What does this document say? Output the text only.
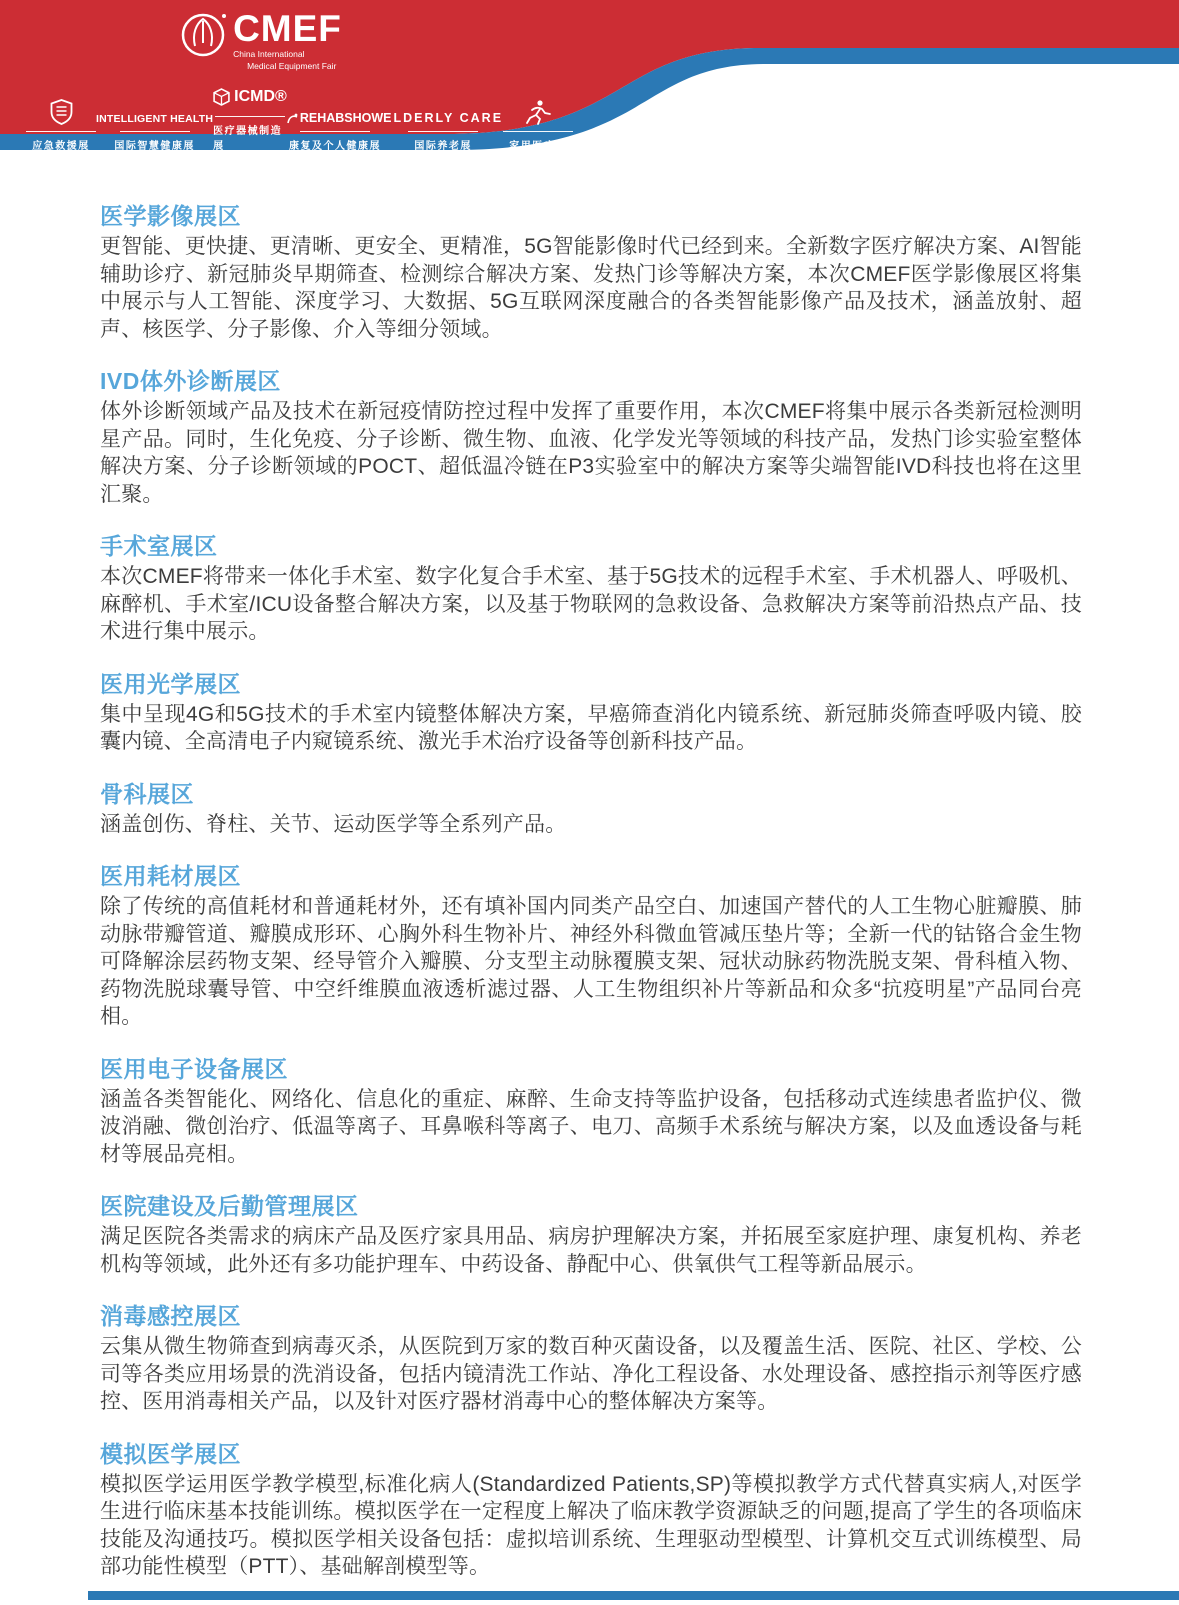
CMEF
China International
Medical Equipment Fair
应急救援展
INTELLIGENT HEALTH
国际智慧健康展
ICMD®
医疗器械制造展
REHABSHOW
康复及个人健康展
ELDERLY CARE
国际养老展	家用医疗展
医学影像展区

更智能、更快捷、更清晰、更安全、更精准，5G智能影像时代已经到来。全新数字医疗解决方案、AI智能辅助诊疗、新冠肺炎早期筛查、检测综合解决方案、发热门诊等解决方案，本次CMEF医学影像展区将集中展示与人工智能、深度学习、大数据、5G互联网深度融合的各类智能影像产品及技术，涵盖放射、超声、核医学、分子影像、介入等细分领域。

IVD体外诊断展区

体外诊断领域产品及技术在新冠疫情防控过程中发挥了重要作用，本次CMEF将集中展示各类新冠检测明星产品。同时，生化免疫、分子诊断、微生物、血液、化学发光等领域的科技产品，发热门诊实验室整体解决方案、分子诊断领域的POCT、超低温冷链在P3实验室中的解决方案等尖端智能IVD科技也将在这里汇聚。

手术室展区

本次CMEF将带来一体化手术室、数字化复合手术室、基于5G技术的远程手术室、手术机器人、呼吸机、麻醉机、手术室/ICU设备整合解决方案，以及基于物联网的急救设备、急救解决方案等前沿热点产品、技术进行集中展示。

医用光学展区

集中呈现4G和5G技术的手术室内镜整体解决方案，早癌筛查消化内镜系统、新冠肺炎筛查呼吸内镜、胶囊内镜、全高清电子内窥镜系统、激光手术治疗设备等创新科技产品。

骨科展区

涵盖创伤、脊柱、关节、运动医学等全系列产品。

医用耗材展区

除了传统的高值耗材和普通耗材外，还有填补国内同类产品空白、加速国产替代的人工生物心脏瓣膜、肺动脉带瓣管道、瓣膜成形环、心胸外科生物补片、神经外科微血管减压垫片等；全新一代的钴铬合金生物可降解涂层药物支架、经导管介入瓣膜、分支型主动脉覆膜支架、冠状动脉药物洗脱支架、骨科植入物、药物洗脱球囊导管、中空纤维膜血液透析滤过器、人工生物组织补片等新品和众多“抗疫明星”产品同台亮相。

医用电子设备展区

涵盖各类智能化、网络化、信息化的重症、麻醉、生命支持等监护设备，包括移动式连续患者监护仪、微波消融、微创治疗、低温等离子、耳鼻喉科等离子、电刀、高频手术系统与解决方案，以及血透设备与耗材等展品亮相。

医院建设及后勤管理展区

满足医院各类需求的病床产品及医疗家具用品、病房护理解决方案，并拓展至家庭护理、康复机构、养老机构等领域，此外还有多功能护理车、中药设备、静配中心、供氧供气工程等新品展示。

消毒感控展区

云集从微生物筛查到病毒灭杀，从医院到万家的数百种灭菌设备，以及覆盖生活、医院、社区、学校、公司等各类应用场景的洗消设备，包括内镜清洗工作站、净化工程设备、水处理设备、感控指示剂等医疗感控、医用消毒相关产品，以及针对医疗器材消毒中心的整体解决方案等。

模拟医学展区

模拟医学运用医学教学模型,标准化病人(Standardized Patients,SP)等模拟教学方式代替真实病人,对医学生进行临床基本技能训练。模拟医学在一定程度上解决了临床教学资源缺乏的问题,提高了学生的各项临床技能及沟通技巧。模拟医学相关设备包括：虚拟培训系统、生理驱动型模型、计算机交互式训练模型、局部功能性模型（PTT）、基础解剖模型等。
